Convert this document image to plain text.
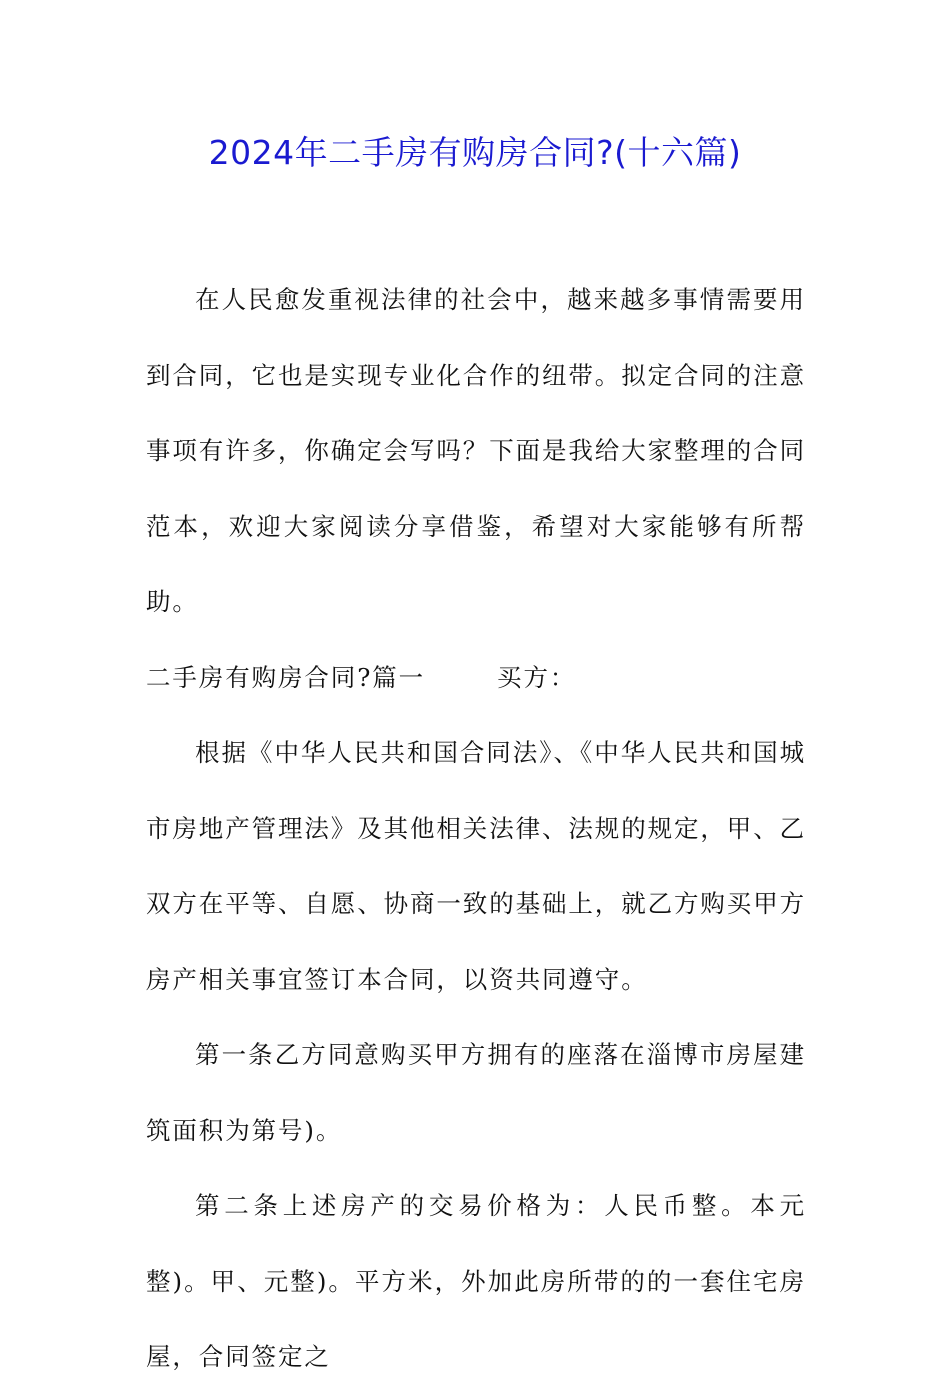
2024年二手房有购房合同?(十六篇)

在人民愈发重视法律的社会中，越来越多事情需要用到合同，它也是实现专业化合作的纽带。拟定合同的注意事项有许多，你确定会写吗？下面是我给大家整理的合同范本，欢迎大家阅读分享借鉴，希望对大家能够有所帮助。

二手房有购房合同?篇一	买方：

根据《中华人民共和国合同法》、《中华人民共和国城市房地产管理法》及其他相关法律、法规的规定，甲、乙双方在平等、自愿、协商一致的基础上，就乙方购买甲方房产相关事宜签订本合同，以资共同遵守。

第一条乙方同意购买甲方拥有的座落在淄博市房屋建筑面积为第号)。

第二条上述房产的交易价格为：人民币整。本元整)。甲、元整)。平方米，外加此房所带的的一套住宅房屋，合同签定之
